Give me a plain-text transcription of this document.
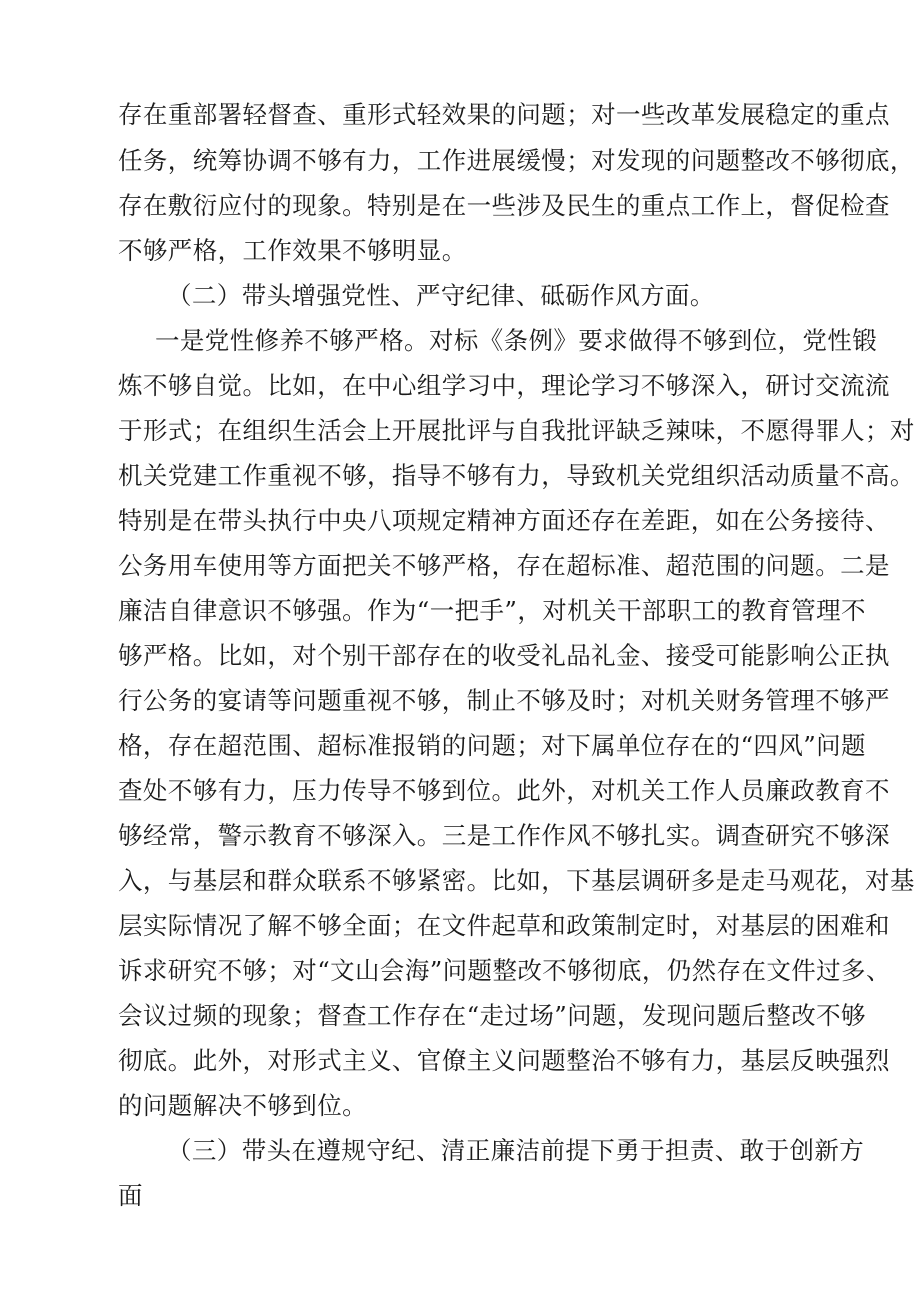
存在重部署轻督查、重形式轻效果的问题；对一些改革发展稳定的重点
任务，统筹协调不够有力，工作进展缓慢；对发现的问题整改不够彻底，
存在敷衍应付的现象。特别是在一些涉及民生的重点工作上，督促检查
不够严格，工作效果不够明显。
（二）带头增强党性、严守纪律、砥砺作风方面。
一是党性修养不够严格。对标《条例》要求做得不够到位，党性锻
炼不够自觉。比如，在中心组学习中，理论学习不够深入，研讨交流流
于形式；在组织生活会上开展批评与自我批评缺乏辣味，不愿得罪人；对
机关党建工作重视不够，指导不够有力，导致机关党组织活动质量不高。
特别是在带头执行中央八项规定精神方面还存在差距，如在公务接待、
公务用车使用等方面把关不够严格，存在超标准、超范围的问题。二是
廉洁自律意识不够强。作为“一把手”，对机关干部职工的教育管理不
够严格。比如，对个别干部存在的收受礼品礼金、接受可能影响公正执
行公务的宴请等问题重视不够，制止不够及时；对机关财务管理不够严
格，存在超范围、超标准报销的问题；对下属单位存在的“四风”问题
查处不够有力，压力传导不够到位。此外，对机关工作人员廉政教育不
够经常，警示教育不够深入。三是工作作风不够扎实。调查研究不够深
入，与基层和群众联系不够紧密。比如，下基层调研多是走马观花，对基
层实际情况了解不够全面；在文件起草和政策制定时，对基层的困难和
诉求研究不够；对“文山会海”问题整改不够彻底，仍然存在文件过多、
会议过频的现象；督查工作存在“走过场”问题，发现问题后整改不够
彻底。此外，对形式主义、官僚主义问题整治不够有力，基层反映强烈
的问题解决不够到位。
（三）带头在遵规守纪、清正廉洁前提下勇于担责、敢于创新方
面
